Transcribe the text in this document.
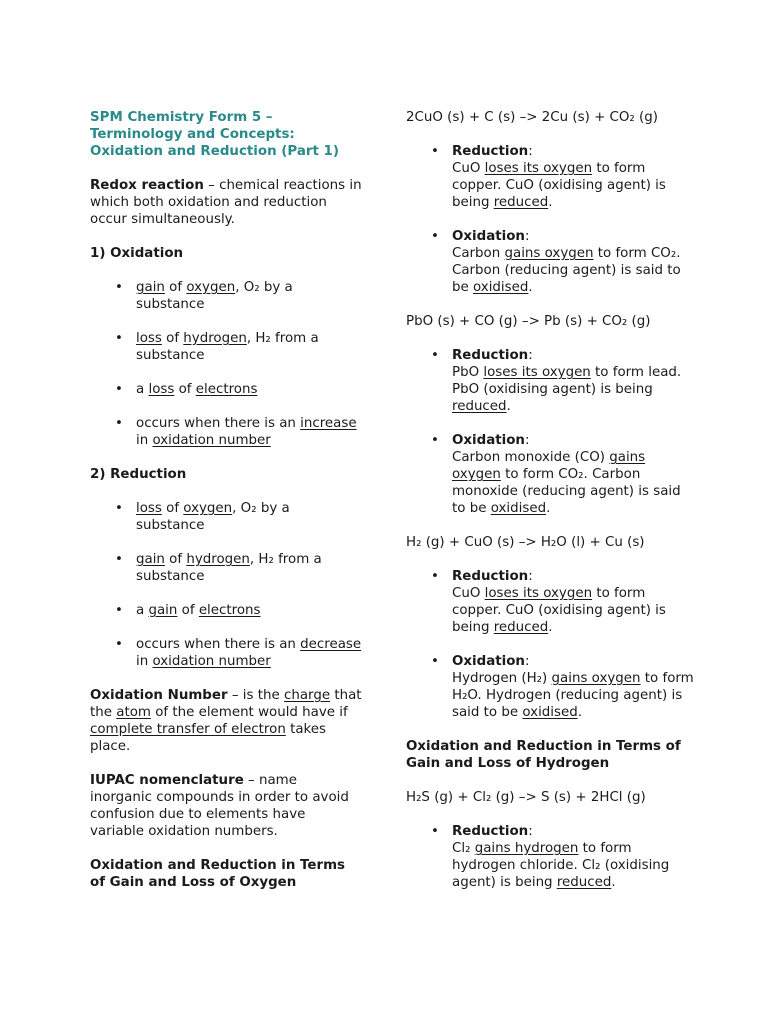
SPM Chemistry Form 5 –
Terminology and Concepts:
Oxidation and Reduction (Part 1)

Redox reaction – chemical reactions in which both oxidation and reduction occur simultaneously.

1) Oxidation

• gain of oxygen, O₂ by a substance
• loss of hydrogen, H₂ from a substance
• a loss of electrons
• occurs when there is an increase in oxidation number

2) Reduction

• loss of oxygen, O₂ by a substance
• gain of hydrogen, H₂ from a substance
• a gain of electrons
• occurs when there is an decrease in oxidation number

Oxidation Number – is the charge that the atom of the element would have if complete transfer of electron takes place.

IUPAC nomenclature – name inorganic compounds in order to avoid confusion due to elements have variable oxidation numbers.

Oxidation and Reduction in Terms of Gain and Loss of Oxygen

2CuO (s) + C (s) –> 2Cu (s) + CO₂ (g)

• Reduction:
CuO loses its oxygen to form copper. CuO (oxidising agent) is being reduced.
• Oxidation:
Carbon gains oxygen to form CO₂. Carbon (reducing agent) is said to be oxidised.

PbO (s) + CO (g) –> Pb (s) + CO₂ (g)

• Reduction:
PbO loses its oxygen to form lead. PbO (oxidising agent) is being reduced.
• Oxidation:
Carbon monoxide (CO) gains oxygen to form CO₂. Carbon monoxide (reducing agent) is said to be oxidised.

H₂ (g) + CuO (s) –> H₂O (l) + Cu (s)

• Reduction:
CuO loses its oxygen to form copper. CuO (oxidising agent) is being reduced.
• Oxidation:
Hydrogen (H₂) gains oxygen to form H₂O. Hydrogen (reducing agent) is said to be oxidised.

Oxidation and Reduction in Terms of Gain and Loss of Hydrogen

H₂S (g) + Cl₂ (g) –> S (s) + 2HCl (g)

• Reduction:
Cl₂ gains hydrogen to form hydrogen chloride. Cl₂ (oxidising agent) is being reduced.
